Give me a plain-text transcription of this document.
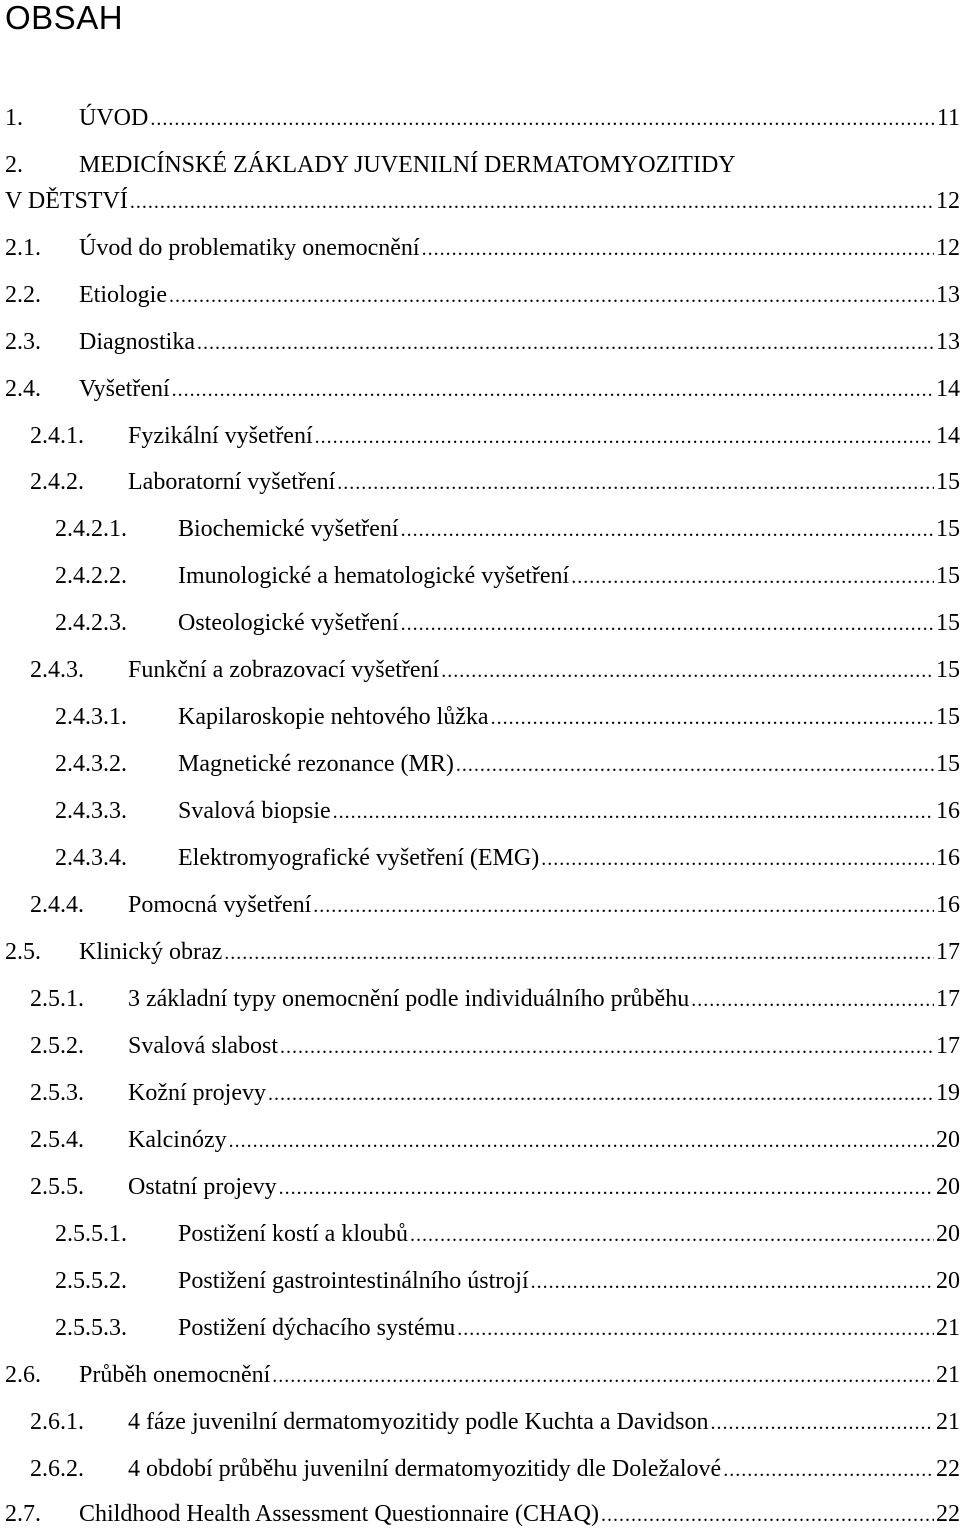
OBSAH
1. ÚVOD .....	11
2. MEDICÍNSKÉ ZÁKLADY JUVENILNÍ DERMATOMYOZITIDY
V DĚTSTVÍ .....	12
2.1. Úvod do problematiky onemocnění .....	12
2.2. Etiologie .....	13
2.3. Diagnostika .....	13
2.4. Vyšetření .....	14
2.4.1. Fyzikální vyšetření .....	14
2.4.2. Laboratorní vyšetření .....	15
2.4.2.1. Biochemické vyšetření .....	15
2.4.2.2. Imunologické a hematologické vyšetření .....	15
2.4.2.3. Osteologické vyšetření .....	15
2.4.3. Funkční a zobrazovací vyšetření .....	15
2.4.3.1. Kapilaroskopie nehtového lůžka .....	15
2.4.3.2. Magnetické rezonance (MR) .....	15
2.4.3.3. Svalová biopsie .....	16
2.4.3.4. Elektromyografické vyšetření (EMG) .....	16
2.4.4. Pomocná vyšetření .....	16
2.5. Klinický obraz .....	17
2.5.1. 3 základní typy onemocnění podle individuálního průběhu .....	17
2.5.2. Svalová slabost .....	17
2.5.3. Kožní projevy .....	19
2.5.4. Kalcinózy .....	20
2.5.5. Ostatní projevy .....	20
2.5.5.1. Postižení kostí a kloubů .....	20
2.5.5.2. Postižení gastrointestinálního ústrojí .....	20
2.5.5.3. Postižení dýchacího systému .....	21
2.6. Průběh onemocnění .....	21
2.6.1. 4 fáze juvenilní dermatomyozitidy podle Kuchta a Davidson .....	21
2.6.2. 4 období průběhu juvenilní dermatomyozitidy dle Doležalové .....	22
2.7. Childhood Health Assessment Questionnaire (CHAQ) .....	22
